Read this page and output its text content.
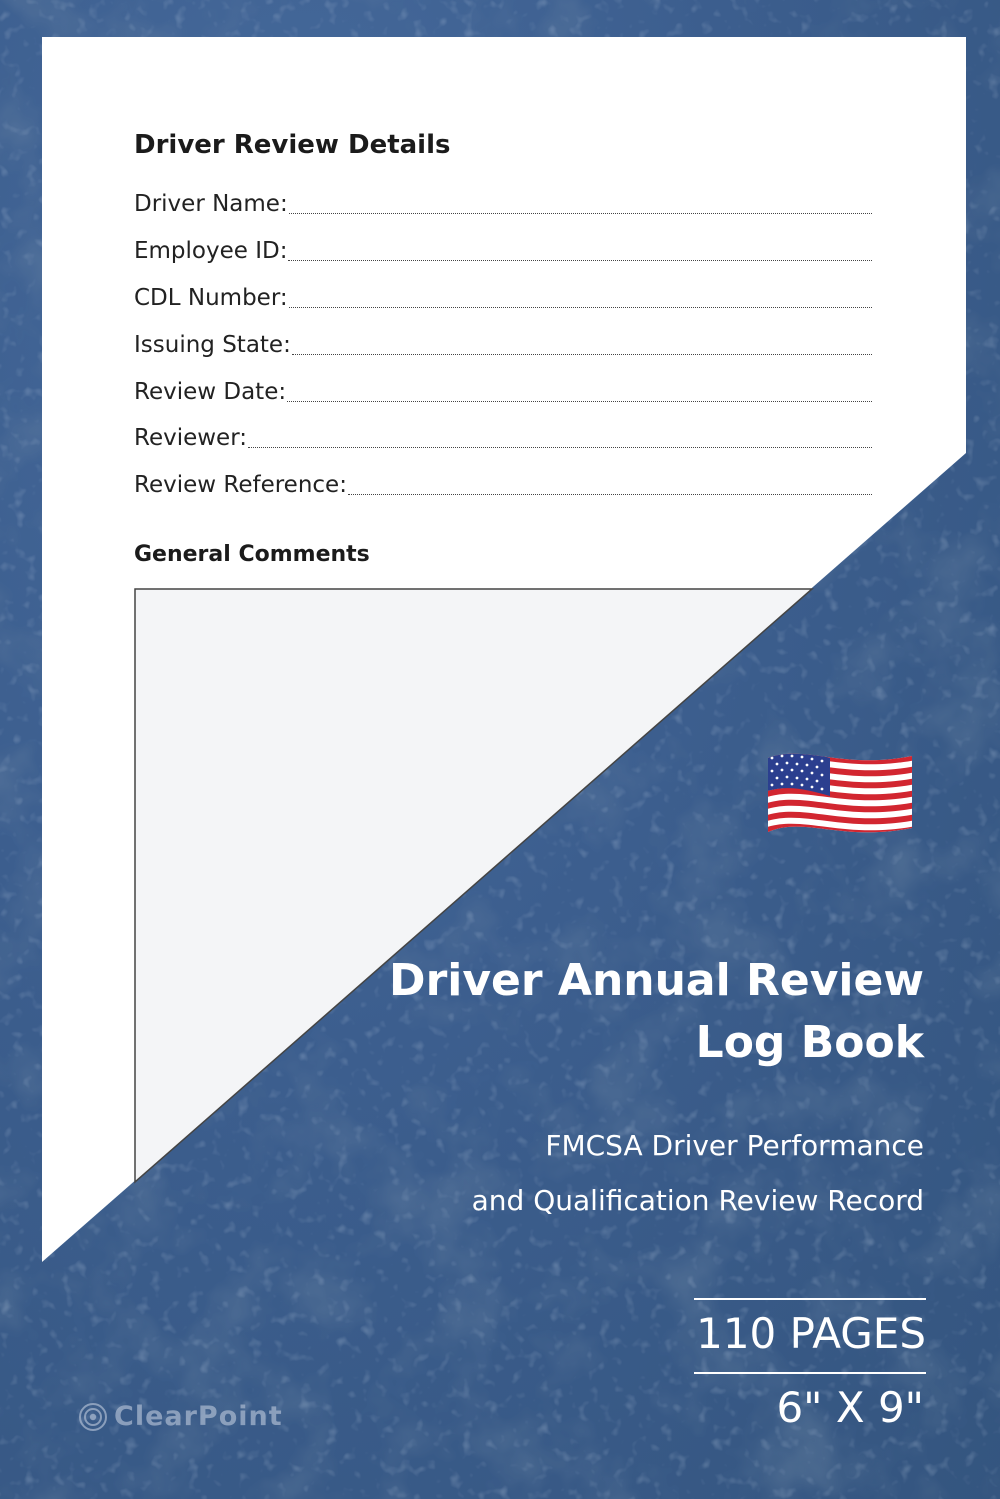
Driver Review Details
Driver Name:
Employee ID:
CDL Number:
Issuing State:
Review Date:
Reviewer:
Review Reference:
General Comments
Driver Annual Review
Log Book
FMCSA Driver Performance
and Qualification Review Record
110 PAGES
6" X 9"
ClearPoint
